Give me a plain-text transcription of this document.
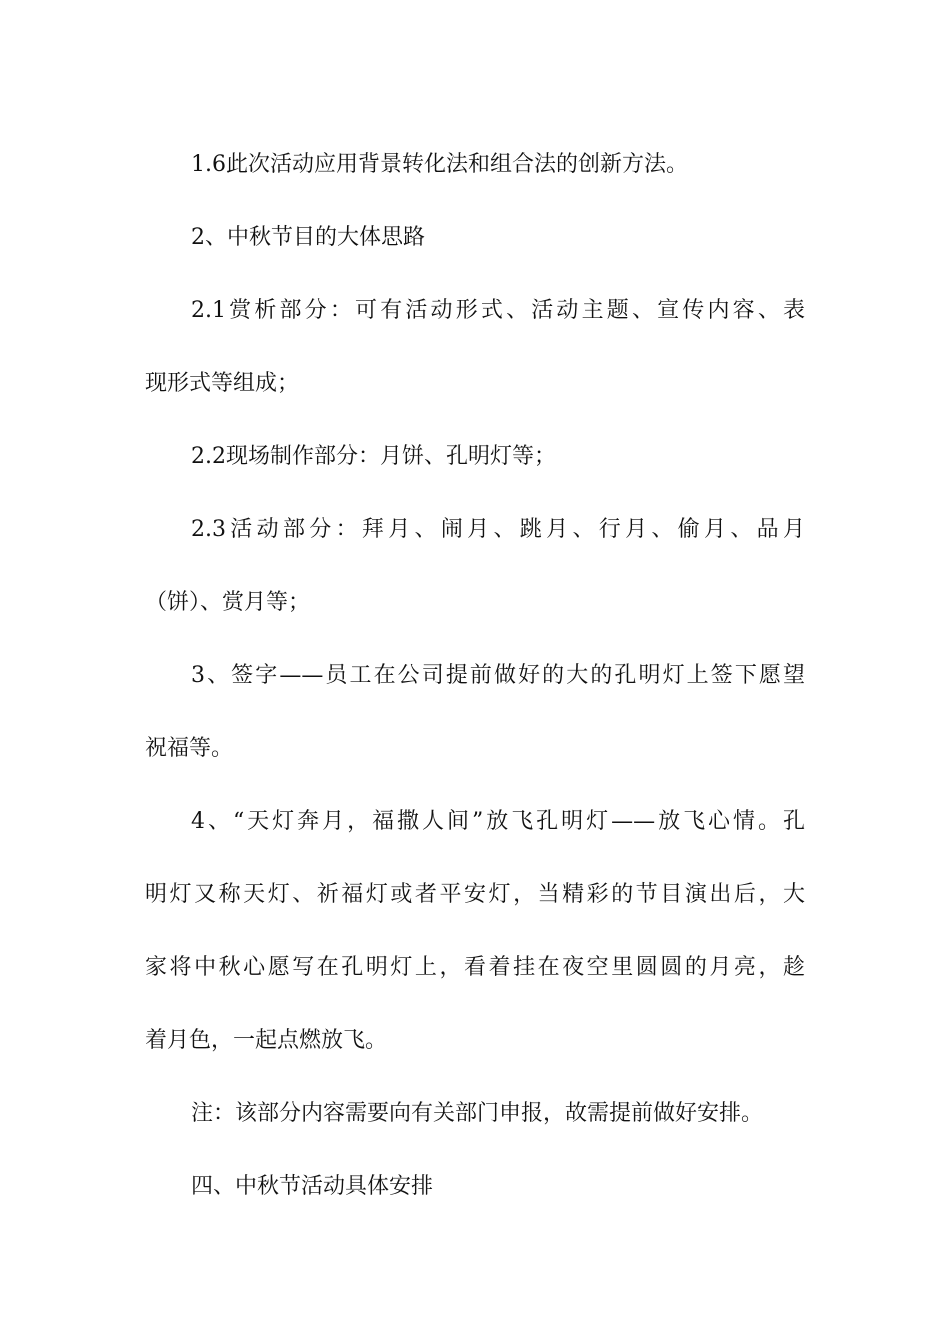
1.6此次活动应用背景转化法和组合法的创新方法。
2、中秋节目的大体思路
2.1赏析部分：可有活动形式、活动主题、宣传内容、表
现形式等组成；
2.2现场制作部分：月饼、孔明灯等；
2.3活动部分：拜月、闹月、跳月、行月、偷月、品月
（饼）、赏月等；
3、签字——员工在公司提前做好的大的孔明灯上签下愿望
祝福等。
4、“天灯奔月，福撒人间”放飞孔明灯——放飞心情。孔
明灯又称天灯、祈福灯或者平安灯，当精彩的节目演出后，大
家将中秋心愿写在孔明灯上，看着挂在夜空里圆圆的月亮，趁
着月色，一起点燃放飞。
注：该部分内容需要向有关部门申报，故需提前做好安排。
四、中秋节活动具体安排
